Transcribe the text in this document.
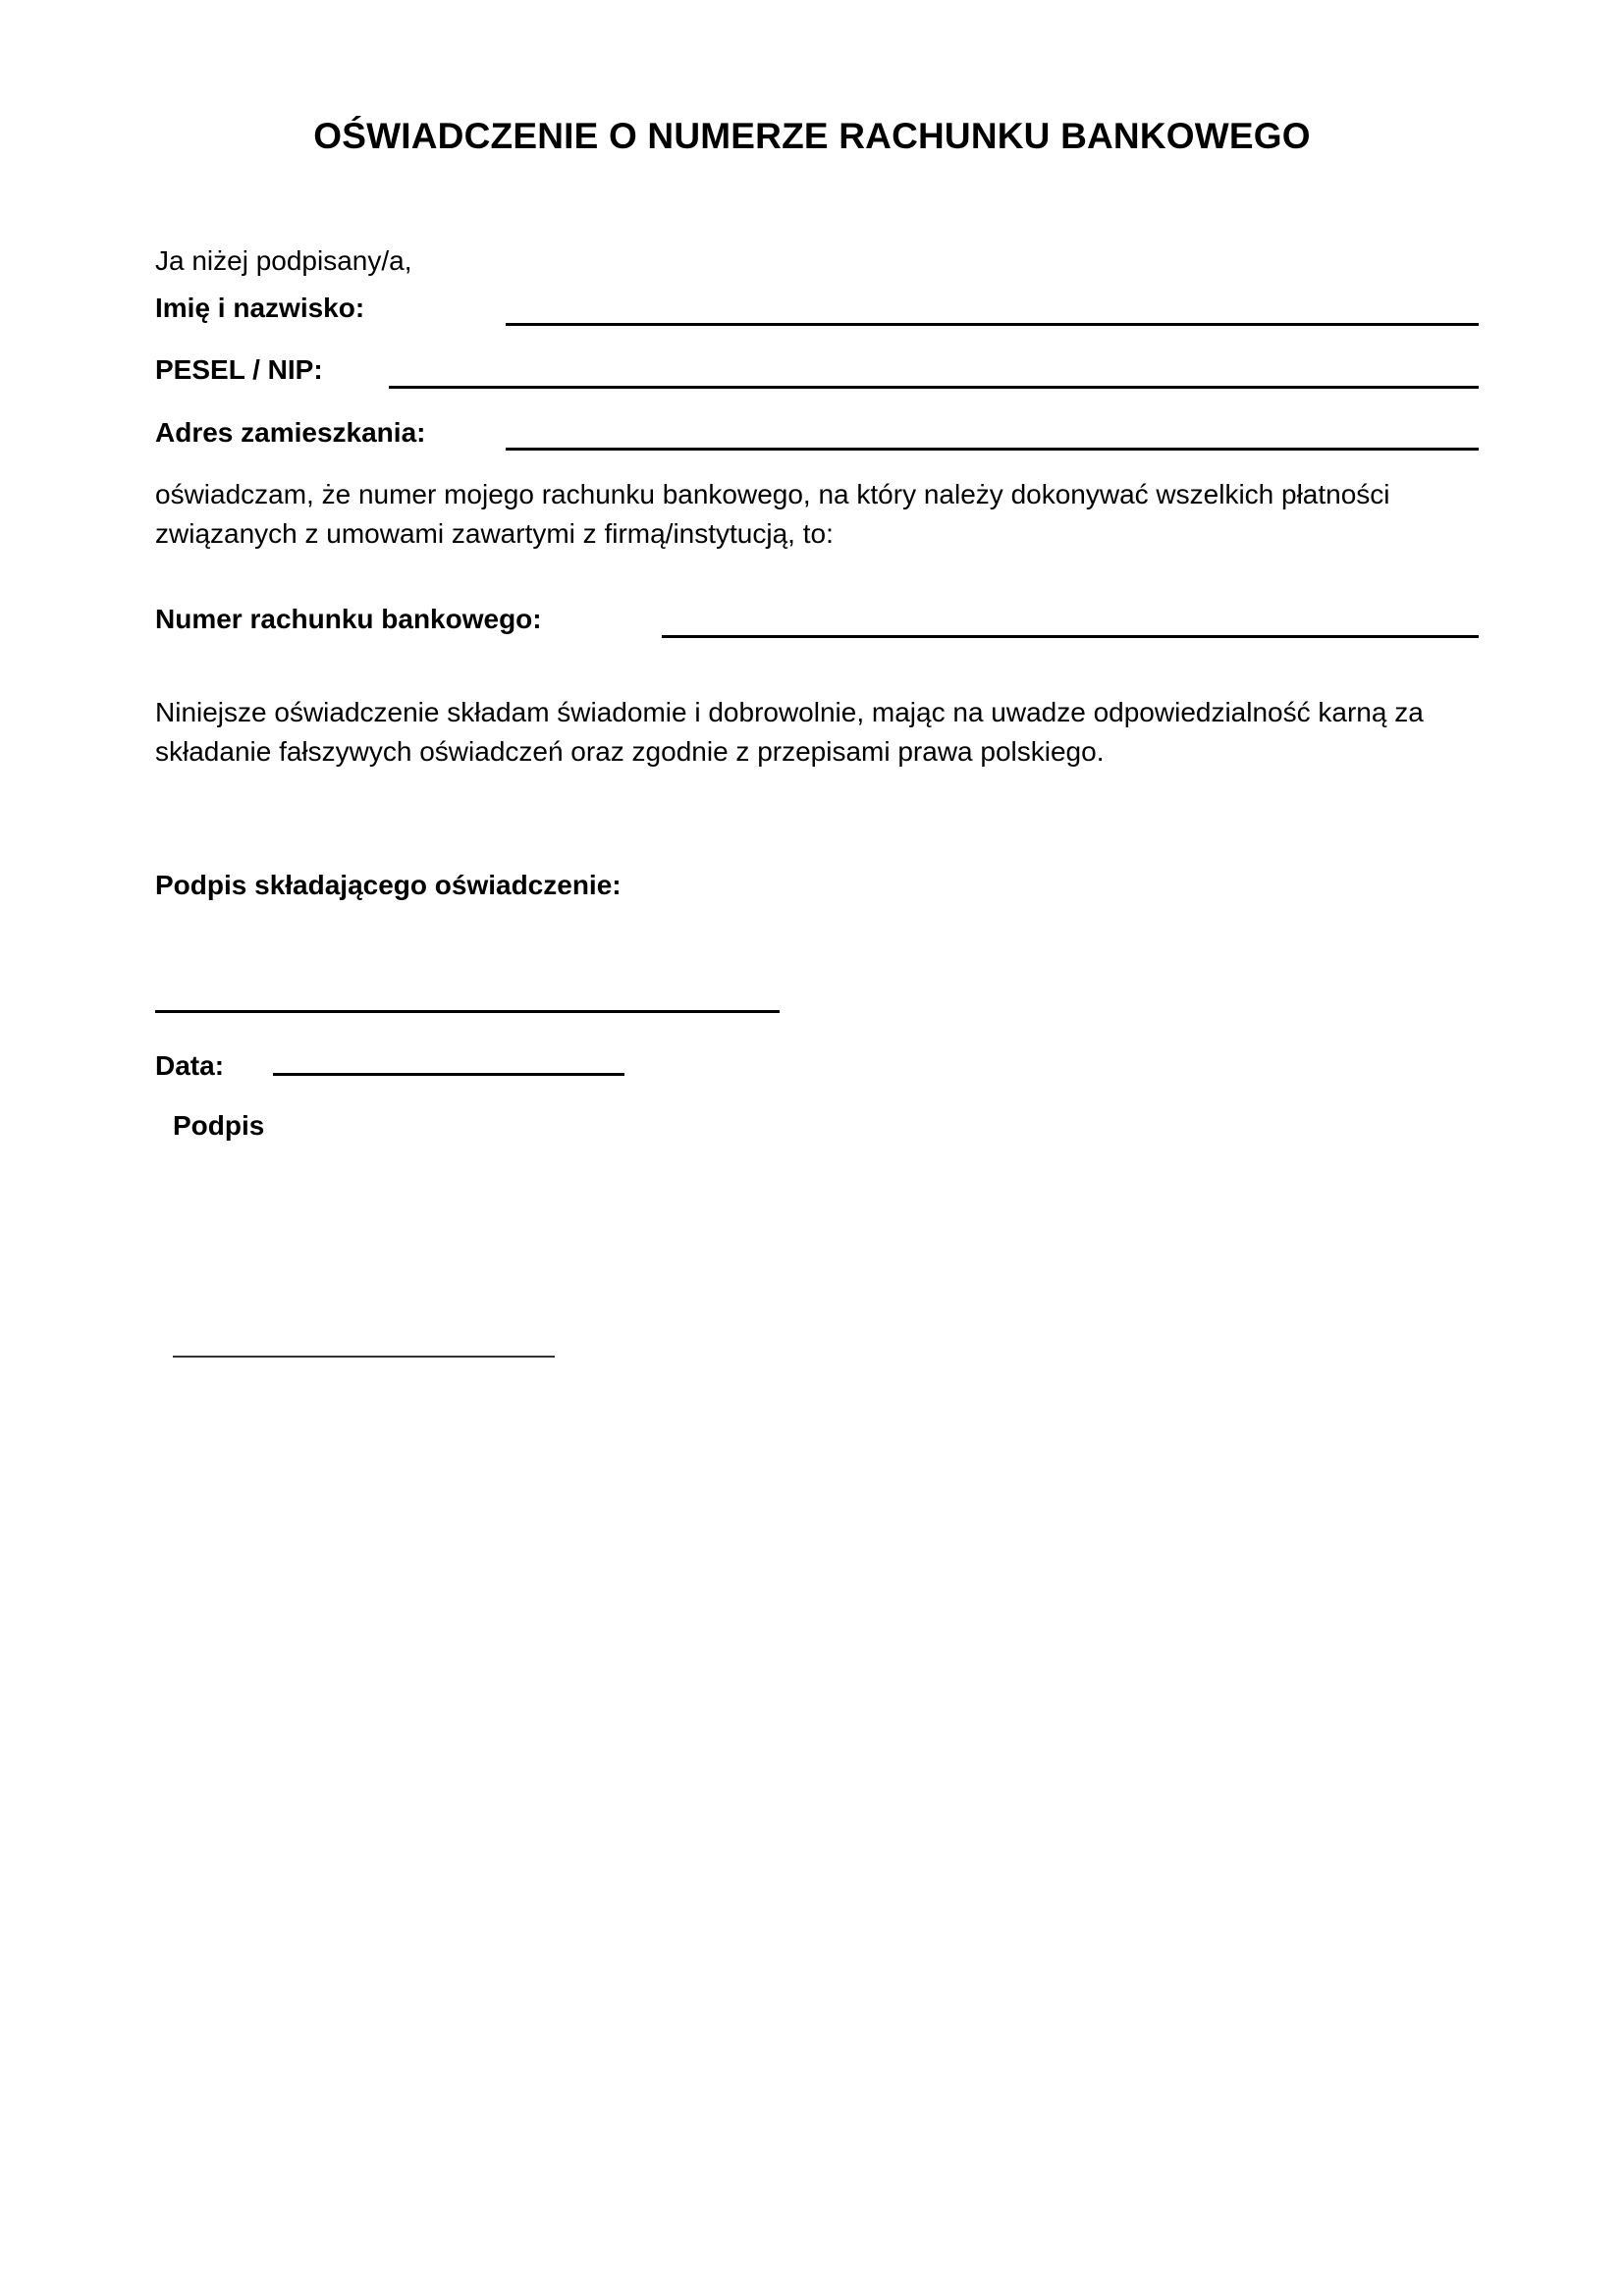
OŚWIADCZENIE O NUMERZE RACHUNKU BANKOWEGO
Ja niżej podpisany/a,
Imię i nazwisko:
PESEL / NIP:
Adres zamieszkania:
oświadczam, że numer mojego rachunku bankowego, na który należy dokonywać wszelkich płatności
związanych z umowami zawartymi z firmą/instytucją, to:
Numer rachunku bankowego:
Niniejsze oświadczenie składam świadomie i dobrowolnie, mając na uwadze odpowiedzialność karną za
składanie fałszywych oświadczeń oraz zgodnie z przepisami prawa polskiego.
Podpis składającego oświadczenie:
Data:
Podpis
